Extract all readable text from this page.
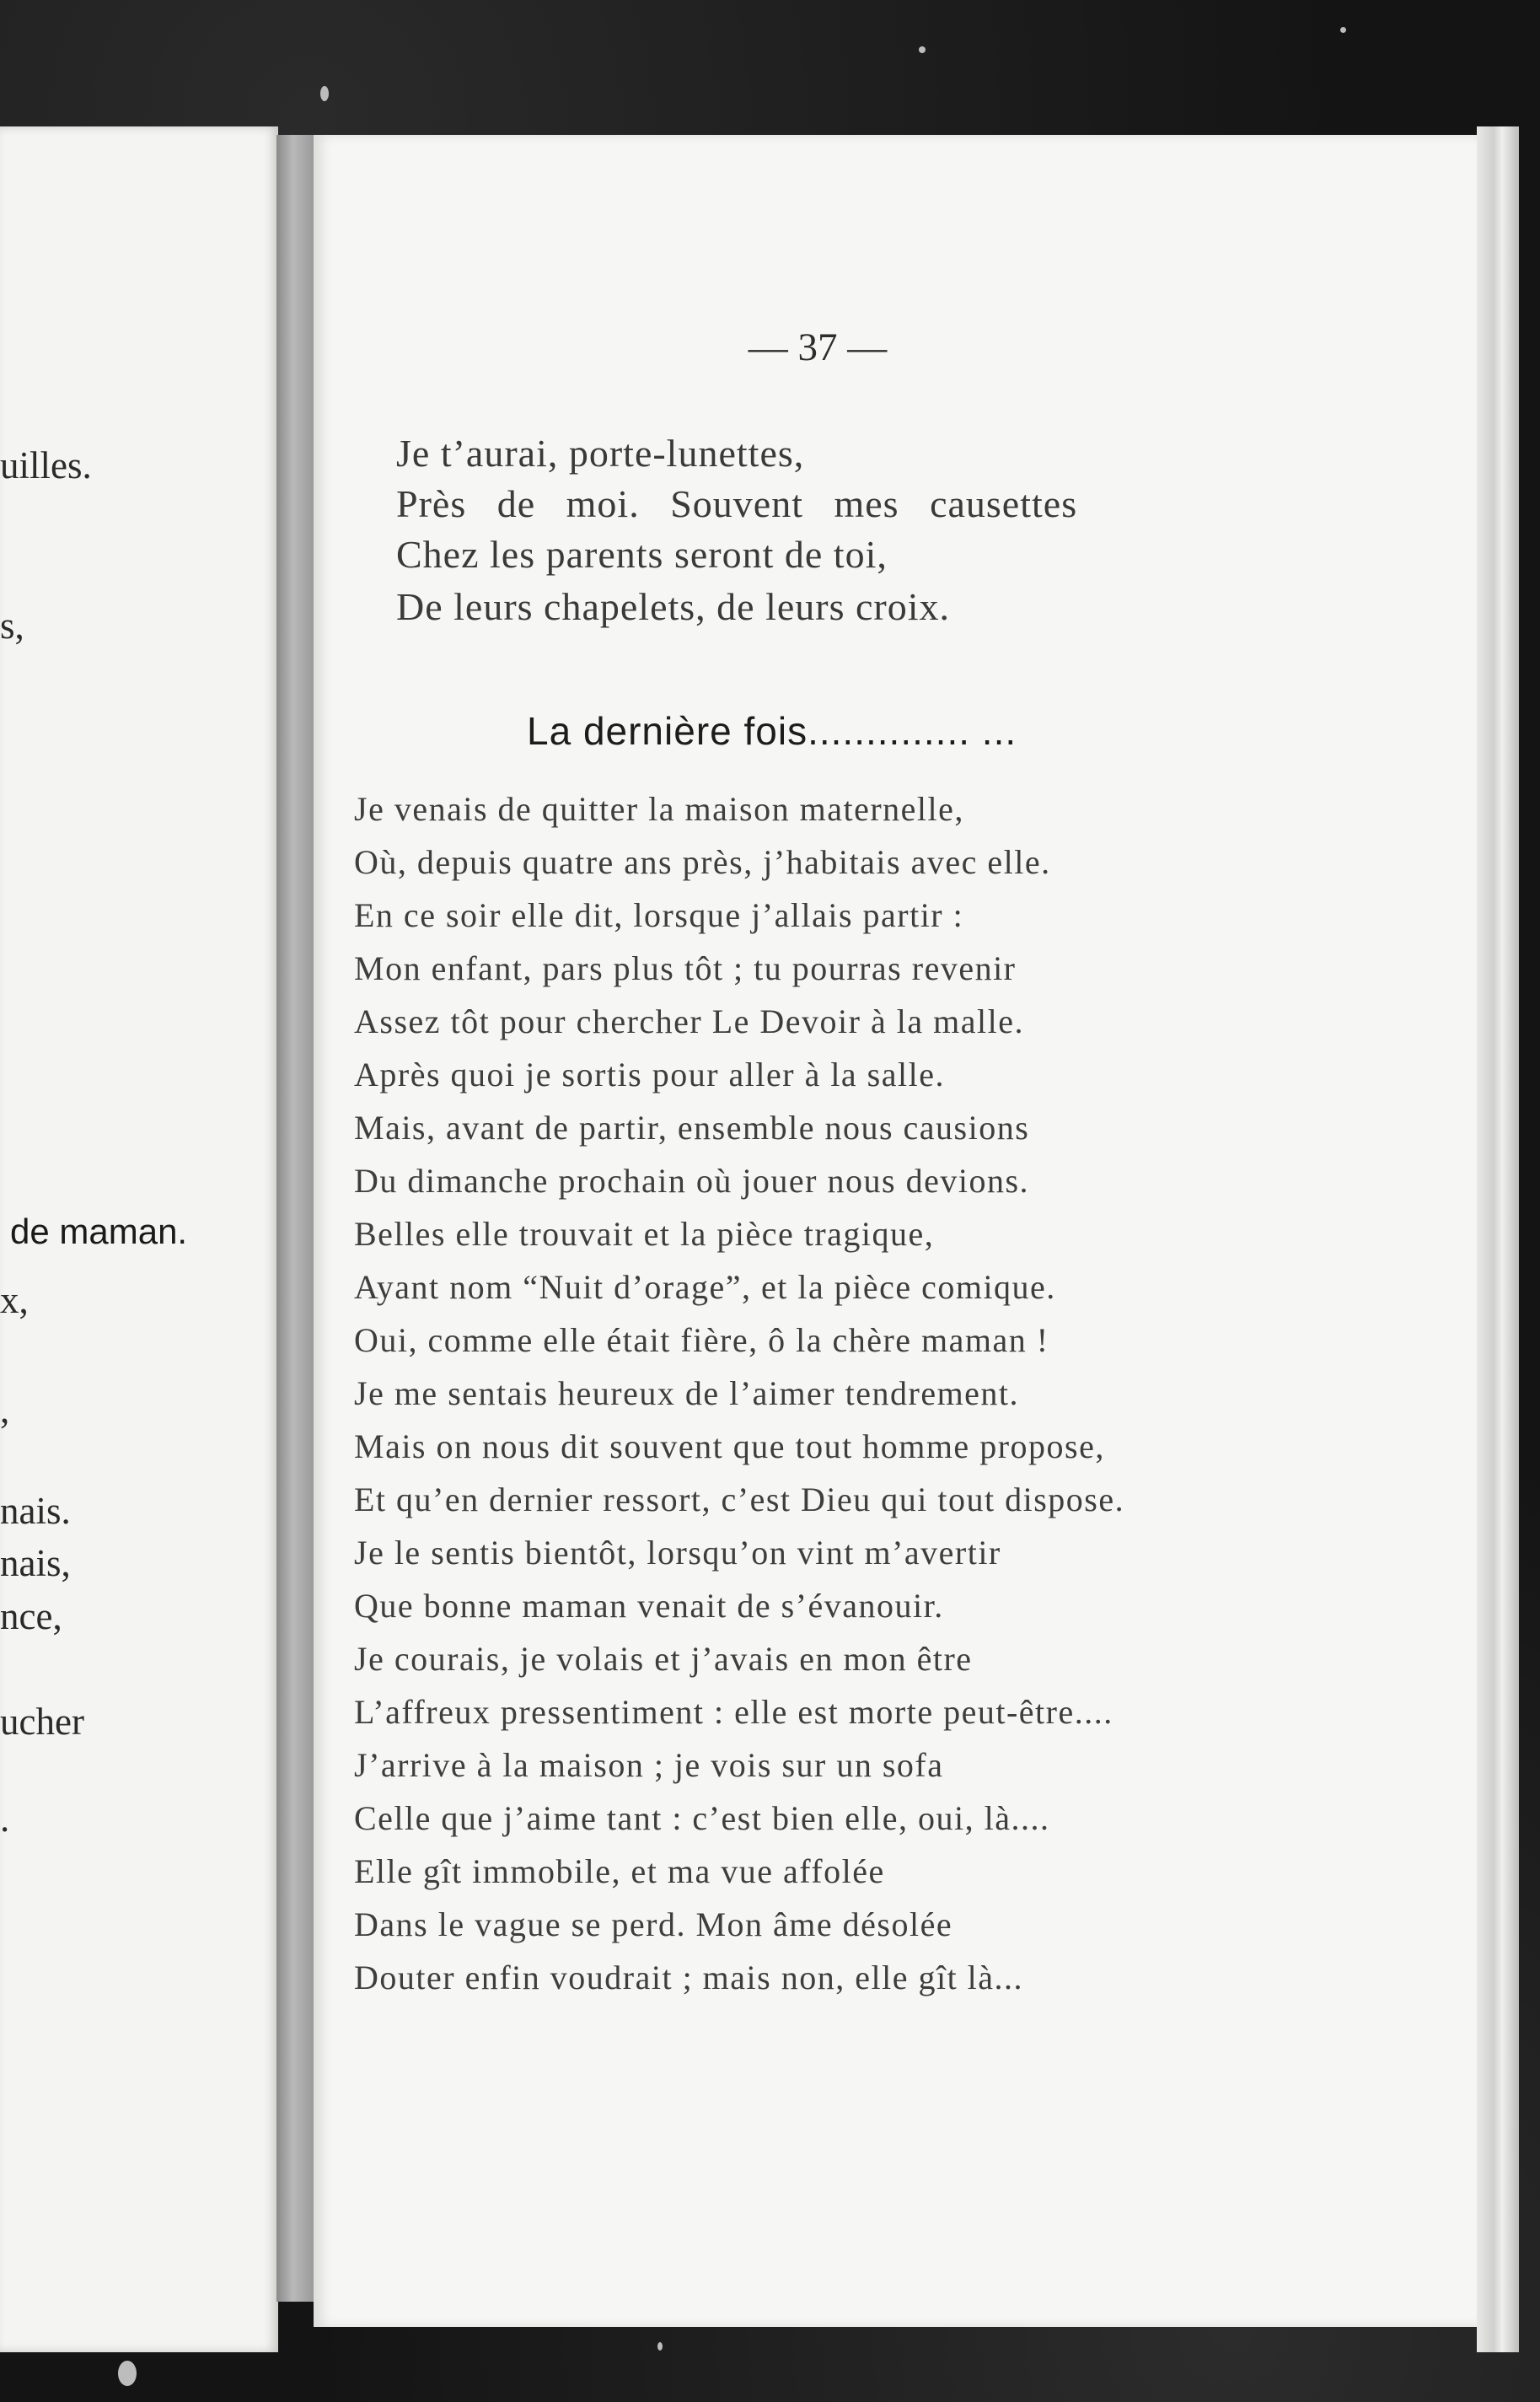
uilles.
s,
de maman.
x,
,
nais.
nais,
nce,
ucher
.
— 37 —
Je t’aurai, porte-lunettes,
Près de moi. Souvent mes causettes
Chez les parents seront de toi,
De leurs chapelets, de leurs croix.
La dernière fois.............. ...
Je venais de quitter la maison maternelle,
Où, depuis quatre ans près, j’habitais avec elle.
En ce soir elle dit, lorsque j’allais partir :
Mon enfant, pars plus tôt ; tu pourras revenir
Assez tôt pour chercher Le Devoir à la malle.
Après quoi je sortis pour aller à la salle.
Mais, avant de partir, ensemble nous causions
Du dimanche prochain où jouer nous devions.
Belles elle trouvait et la pièce tragique,
Ayant nom “Nuit d’orage”, et la pièce comique.
Oui, comme elle était fière, ô la chère maman !
Je me sentais heureux de l’aimer tendrement.
Mais on nous dit souvent que tout homme propose,
Et qu’en dernier ressort, c’est Dieu qui tout dispose.
Je le sentis bientôt, lorsqu’on vint m’avertir
Que bonne maman venait de s’évanouir.
Je courais, je volais et j’avais en mon être
L’affreux pressentiment : elle est morte peut-être....
J’arrive à la maison ; je vois sur un sofa
Celle que j’aime tant : c’est bien elle, oui, là....
Elle gît immobile, et ma vue affolée
Dans le vague se perd. Mon âme désolée
Douter enfin voudrait ; mais non, elle gît là...
